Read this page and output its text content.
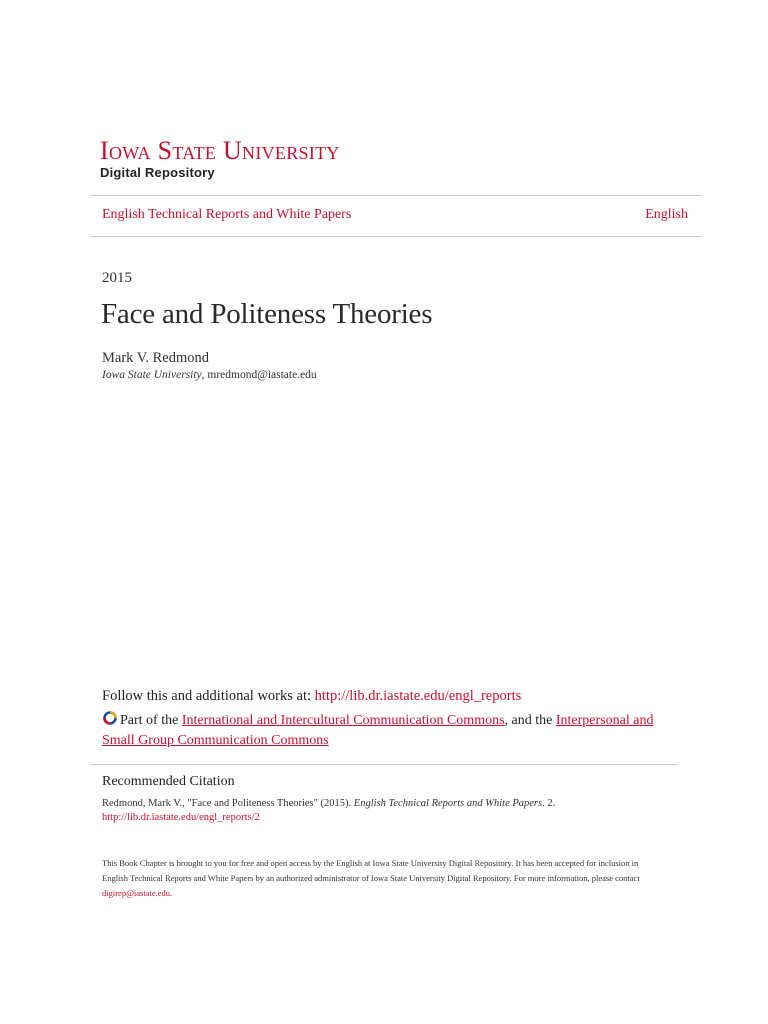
Iowa State University
Digital Repository
English Technical Reports and White Papers	English
2015
Face and Politeness Theories
Mark V. Redmond
Iowa State University, mredmond@iastate.edu
Follow this and additional works at: http://lib.dr.iastate.edu/engl_reports
Part of the International and Intercultural Communication Commons, and the Interpersonal and Small Group Communication Commons
Recommended Citation
Redmond, Mark V., "Face and Politeness Theories" (2015). English Technical Reports and White Papers. 2.
http://lib.dr.iastate.edu/engl_reports/2
This Book Chapter is brought to you for free and open access by the English at Iowa State University Digital Repository. It has been accepted for inclusion in English Technical Reports and White Papers by an authorized administrator of Iowa State University Digital Repository. For more information, please contact digirep@iastate.edu.
